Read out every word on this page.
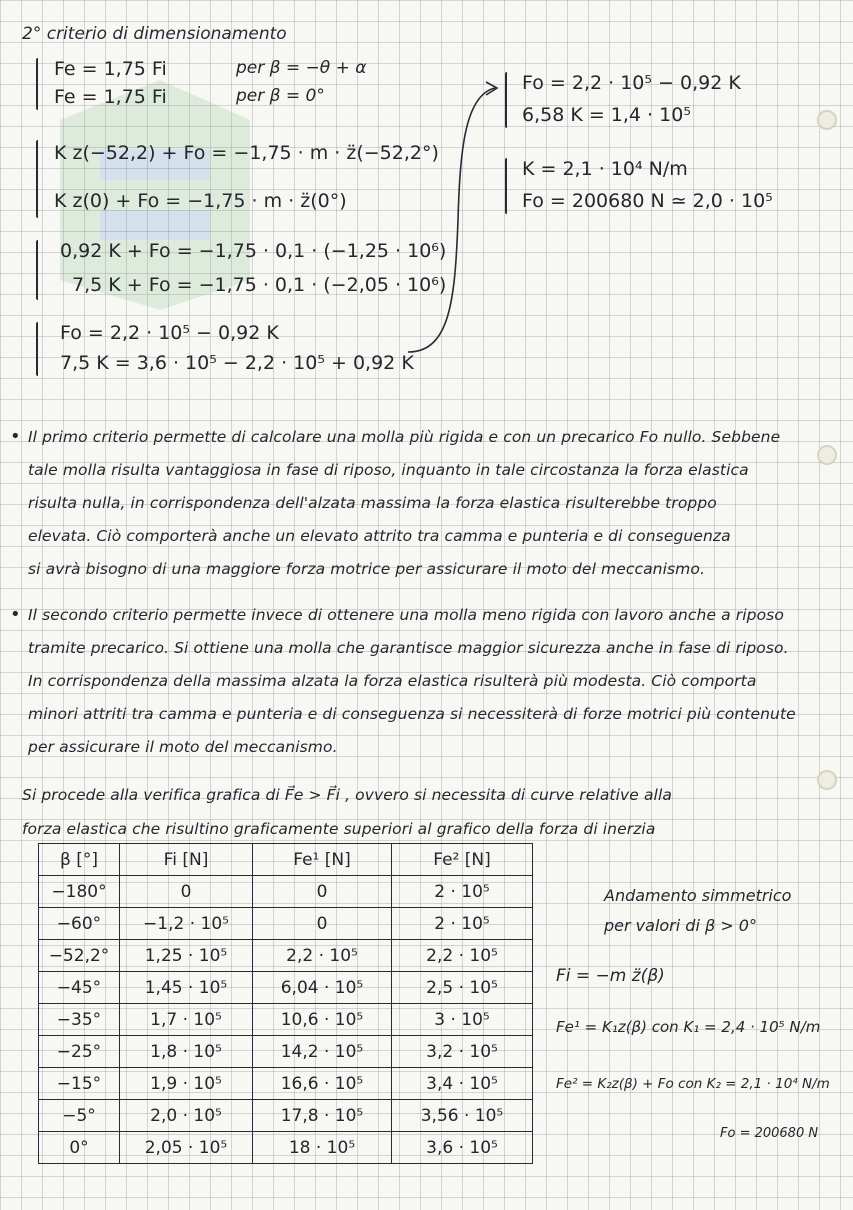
2° criterio di dimensionamento
Fe = 1,75 Fi	per β = −θ + α
Fe = 1,75 Fi	per β = 0°
K z(−52,2) + Fo = −1,75 · m · z̈(−52,2°)
K z(0) + Fo = −1,75 · m · z̈(0°)
0,92 K + Fo = −1,75 · 0,1 · (−1,25 · 10⁶)
7,5 K + Fo = −1,75 · 0,1 · (−2,05 · 10⁶)
Fo = 2,2 · 10⁵ − 0,92 K
7,5 K = 3,6 · 10⁵ − 2,2 · 10⁵ + 0,92 K
Fo = 2,2 · 10⁵ − 0,92 K
6,58 K = 1,4 · 10⁵
K = 2,1 · 10⁴ N/m
Fo = 200680 N ≃ 2,0 · 10⁵
• Il primo criterio permette di calcolare una molla più rigida e con un precarico Fo nullo. Sebbene
tale molla risulta vantaggiosa in fase di riposo, inquanto in tale circostanza la forza elastica
risulta nulla, in corrispondenza dell'alzata massima la forza elastica risulterebbe troppo
elevata. Ciò comporterà anche un elevato attrito tra camma e punteria e di conseguenza
si avrà bisogno di una maggiore forza motrice per assicurare il moto del meccanismo.
• Il secondo criterio permette invece di ottenere una molla meno rigida con lavoro anche a riposo
tramite precarico. Si ottiene una molla che garantisce maggior sicurezza anche in fase di riposo.
In corrispondenza della massima alzata la forza elastica risulterà più modesta. Ciò comporta
minori attriti tra camma e punteria e di conseguenza si necessiterà di forze motrici più contenute
per assicurare il moto del meccanismo.
Si procede alla verifica grafica di F⃗e > F⃗i , ovvero si necessita di curve relative alla
forza elastica che risultino graficamente superiori al grafico della forza di inerzia
β [°]	Fi [N]	Fe¹ [N]	Fe² [N]
−180°	0	0	2 · 10⁵
−60°	−1,2 · 10⁵	0	2 · 10⁵
−52,2°	1,25 · 10⁵	2,2 · 10⁵	2,2 · 10⁵
−45°	1,45 · 10⁵	6,04 · 10⁵	2,5 · 10⁵
−35°	1,7 · 10⁵	10,6 · 10⁵	3 · 10⁵
−25°	1,8 · 10⁵	14,2 · 10⁵	3,2 · 10⁵
−15°	1,9 · 10⁵	16,6 · 10⁵	3,4 · 10⁵
−5°	2,0 · 10⁵	17,8 · 10⁵	3,56 · 10⁵
0°	2,05 · 10⁵	18 · 10⁵	3,6 · 10⁵
Andamento simmetrico
per valori di β > 0°
Fi = −m z̈(β)
Fe¹ = K₁z(β) con K₁ = 2,4 · 10⁵ N/m
Fe² = K₂z(β) + Fo con K₂ = 2,1 · 10⁴ N/m
Fo = 200680 N
